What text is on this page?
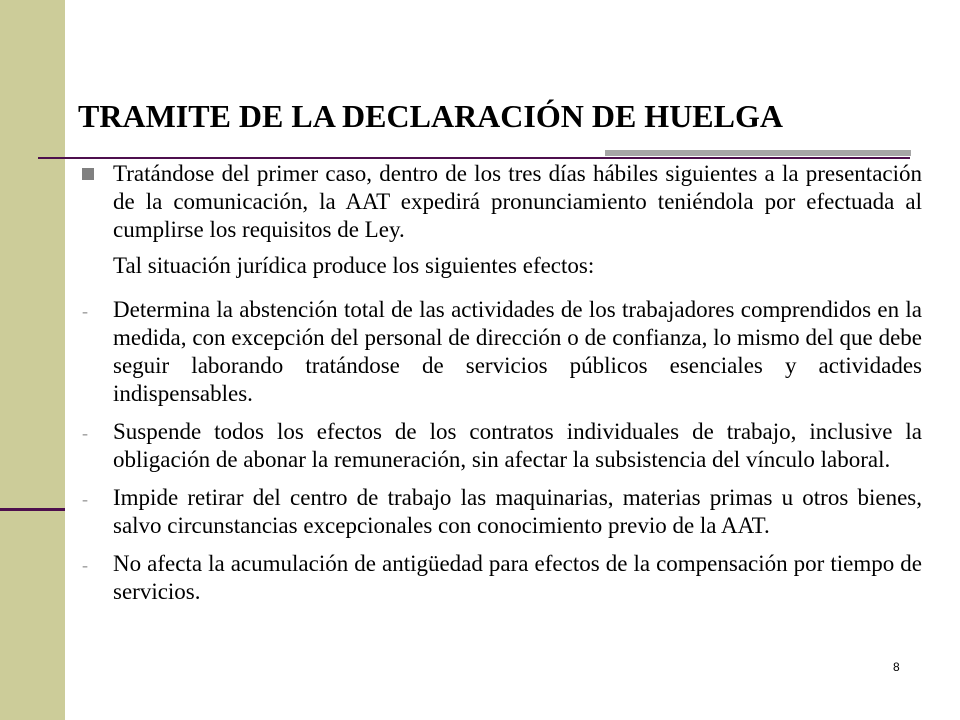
TRAMITE DE LA DECLARACIÓN DE HUELGA
Tratándose del primer caso, dentro de los tres días hábiles siguientes a la presentación de la comunicación, la AAT expedirá pronunciamiento teniéndola por efectuada al cumplirse los requisitos de Ley.
Tal situación jurídica produce los siguientes efectos:
- Determina la abstención total de las actividades de los trabajadores comprendidos en la medida, con excepción del personal de dirección o de confianza, lo mismo del que debe seguir laborando tratándose de servicios públicos esenciales y actividades indispensables.
- Suspende todos los efectos de los contratos individuales de trabajo, inclusive la obligación de abonar la remuneración, sin afectar la subsistencia del vínculo laboral.
- Impide retirar del centro de trabajo las maquinarias, materias primas u otros bienes, salvo circunstancias excepcionales con conocimiento previo de la AAT.
- No afecta la acumulación de antigüedad para efectos de la compensación por tiempo de servicios.
8
